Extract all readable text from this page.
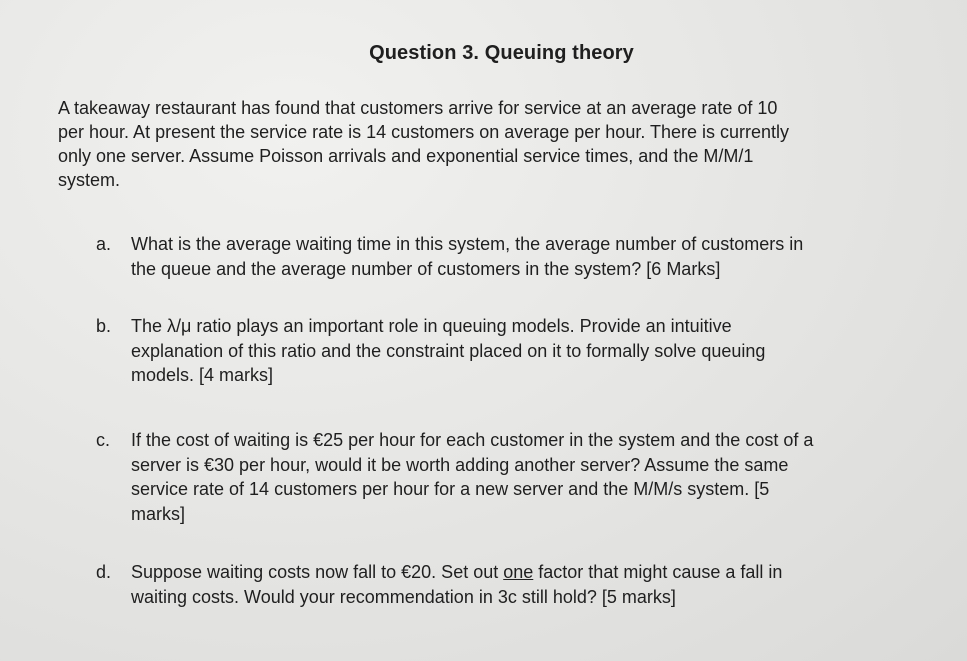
Question 3. Queuing theory
A takeaway restaurant has found that customers arrive for service at an average rate of 10
per hour. At present the service rate is 14 customers on average per hour. There is currently
only one server. Assume Poisson arrivals and exponential service times, and the M/M/1
system.
a.	What is the average waiting time in this system, the average number of customers in
the queue and the average number of customers in the system? [6 Marks]
b.	The λ/μ ratio plays an important role in queuing models. Provide an intuitive
explanation of this ratio and the constraint placed on it to formally solve queuing
models. [4 marks]
c.	If the cost of waiting is €25 per hour for each customer in the system and the cost of a
server is €30 per hour, would it be worth adding another server? Assume the same
service rate of 14 customers per hour for a new server and the M/M/s system. [5
marks]
d.	Suppose waiting costs now fall to €20. Set out one factor that might cause a fall in
waiting costs. Would your recommendation in 3c still hold? [5 marks]
